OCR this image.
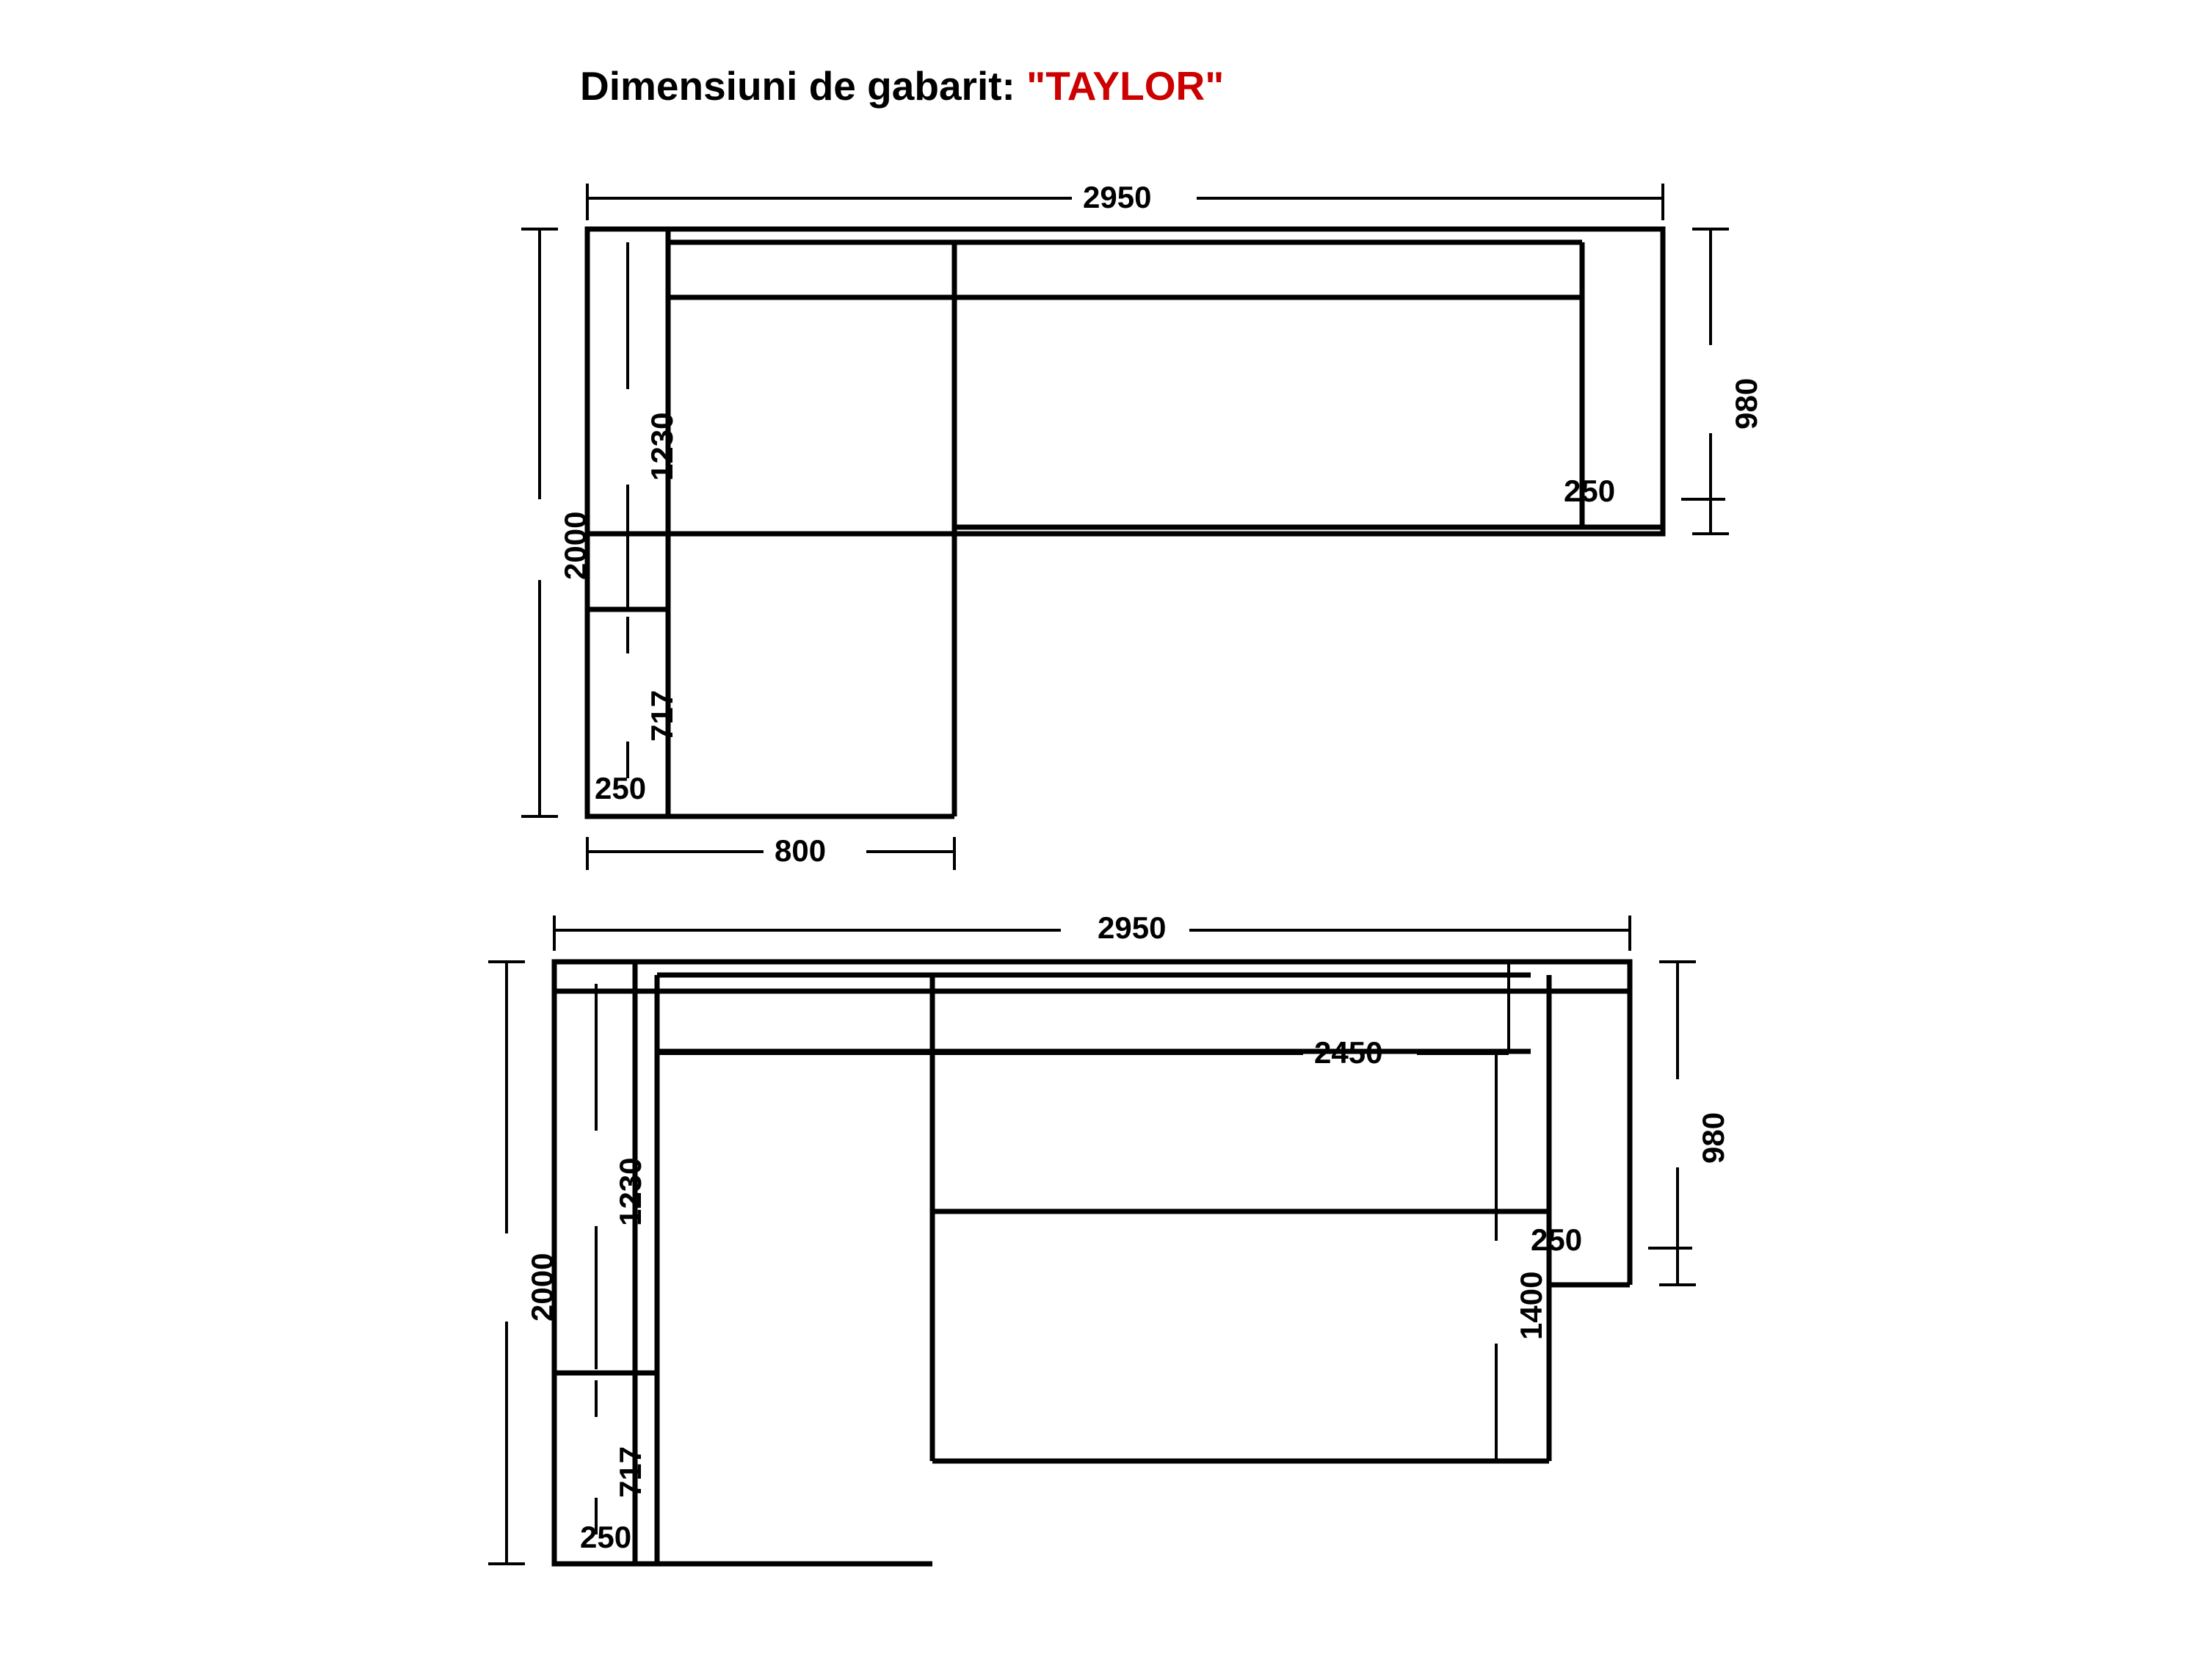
Dimensiuni de gabarit: "TAYLOR"
2950
2000
980
250
1230
717
250
800
2950
2000
980
250
1230
717
250
2450
1400
